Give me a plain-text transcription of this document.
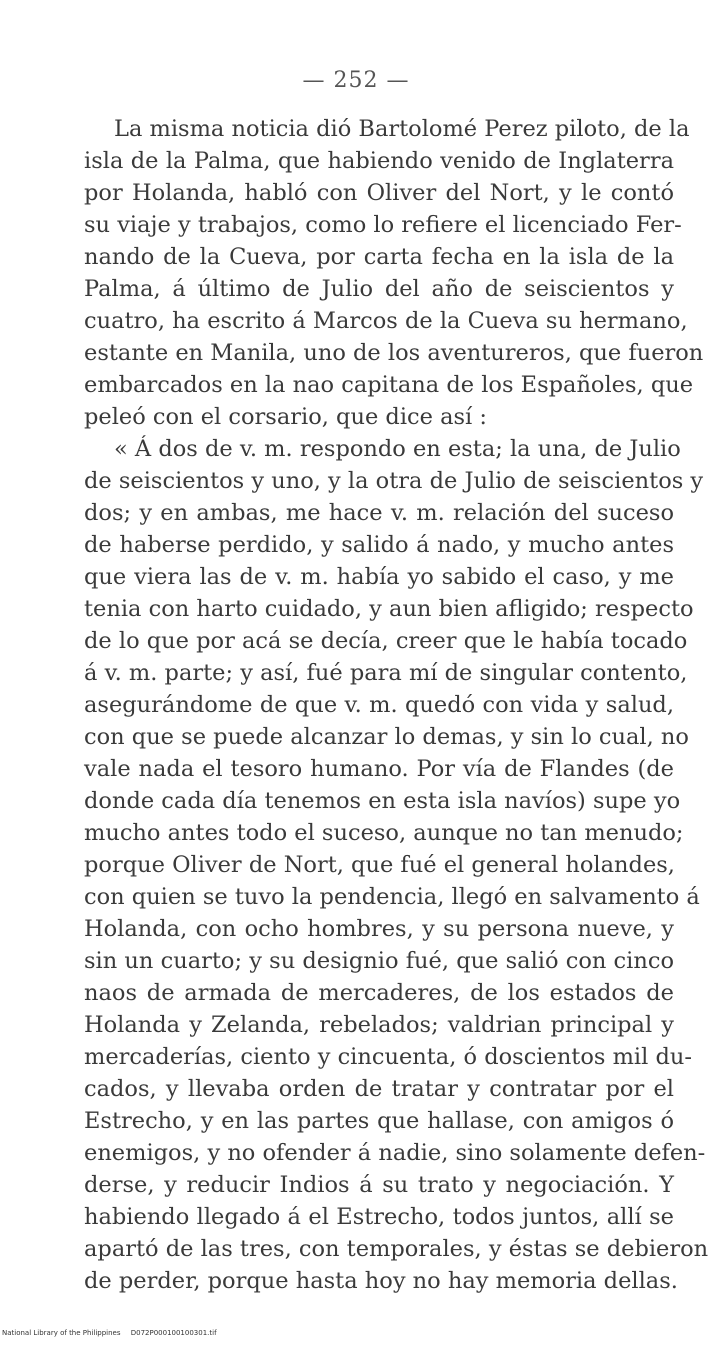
— 252 —
La misma noticia dió Bartolomé Perez piloto, de la
isla de la Palma, que habiendo venido de Inglaterra
por Holanda, habló con Oliver del Nort, y le contó
su viaje y trabajos, como lo refiere el licenciado Fer-
nando de la Cueva, por carta fecha en la isla de la
Palma, á último de Julio del año de seiscientos y
cuatro, ha escrito á Marcos de la Cueva su hermano,
estante en Manila, uno de los aventureros, que fueron
embarcados en la nao capitana de los Españoles, que
peleó con el corsario, que dice así :
« Á dos de v. m. respondo en esta; la una, de Julio
de seiscientos y uno, y la otra de Julio de seiscientos y
dos; y en ambas, me hace v. m. relación del suceso
de haberse perdido, y salido á nado, y mucho antes
que viera las de v. m. había yo sabido el caso, y me
tenia con harto cuidado, y aun bien afligido; respecto
de lo que por acá se decía, creer que le había tocado
á v. m. parte; y así, fué para mí de singular contento,
asegurándome de que v. m. quedó con vida y salud,
con que se puede alcanzar lo demas, y sin lo cual, no
vale nada el tesoro humano. Por vía de Flandes (de
donde cada día tenemos en esta isla navíos) supe yo
mucho antes todo el suceso, aunque no tan menudo;
porque Oliver de Nort, que fué el general holandes,
con quien se tuvo la pendencia, llegó en salvamento á
Holanda, con ocho hombres, y su persona nueve, y
sin un cuarto; y su designio fué, que salió con cinco
naos de armada de mercaderes, de los estados de
Holanda y Zelanda, rebelados; valdrian principal y
mercaderías, ciento y cincuenta, ó doscientos mil du-
cados, y llevaba orden de tratar y contratar por el
Estrecho, y en las partes que hallase, con amigos ó
enemigos, y no ofender á nadie, sino solamente defen-
derse, y reducir Indios á su trato y negociación. Y
habiendo llegado á el Estrecho, todos juntos, allí se
apartó de las tres, con temporales, y éstas se debieron
de perder, porque hasta hoy no hay memoria dellas.
National Library of the Philippines D072P000100100301.tif
